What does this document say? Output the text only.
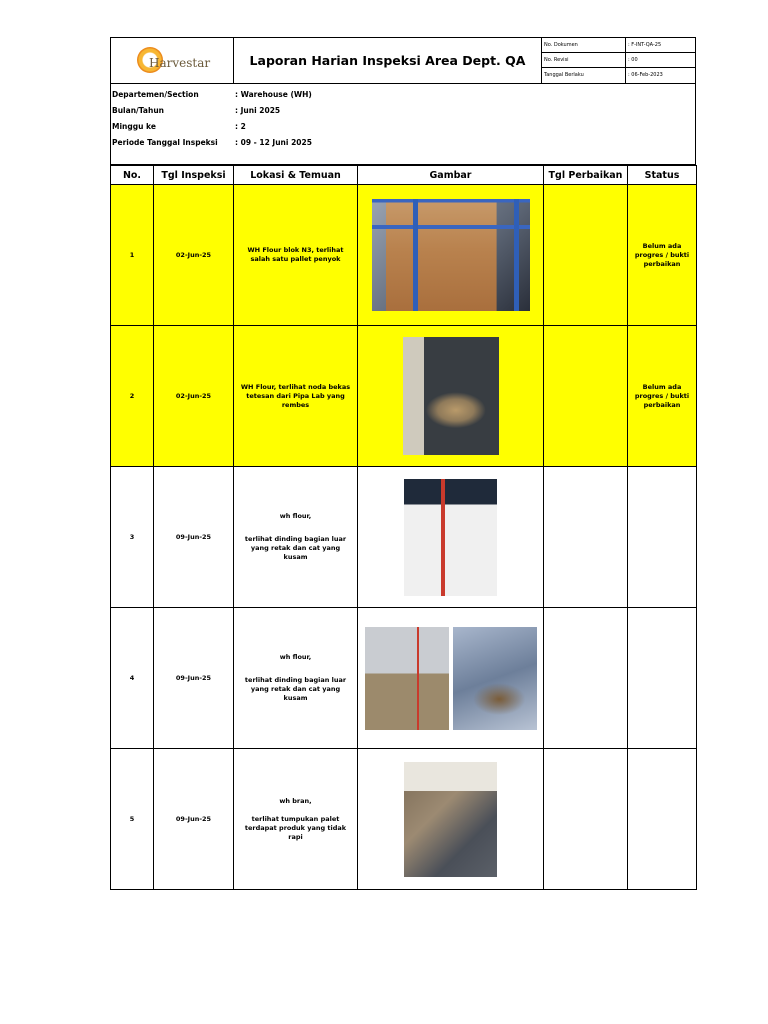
Harvestar	Laporan Harian Inspeksi Area Dept. QA
No. Dokumen	: F-INT-QA-25
No. Revisi	: 00
Tanggal Berlaku	: 06-Feb-2023
Departemen/Section	: Warehouse (WH)
Bulan/Tahun	: Juni 2025
Minggu ke	: 2
Periode Tanggal Inspeksi	: 09 - 12 Juni 2025
No.	Tgl Inspeksi	Lokasi & Temuan	Gambar	Tgl Perbaikan	Status
1	02-Jun-25	WH Flour blok N3, terlihat salah satu pallet penyok			Belum ada progres / bukti perbaikan
2	02-Jun-25	WH Flour, terlihat noda bekas tetesan dari Pipa Lab yang rembes			Belum ada progres / bukti perbaikan
3	09-Jun-25	wh flour,
terlihat dinding bagian luar yang retak dan cat yang kusam			

4	09-Jun-25	wh flour,
terlihat dinding bagian luar yang retak dan cat yang kusam			

5	09-Jun-25	wh bran,
terlihat tumpukan palet terdapat produk yang tidak rapi			
